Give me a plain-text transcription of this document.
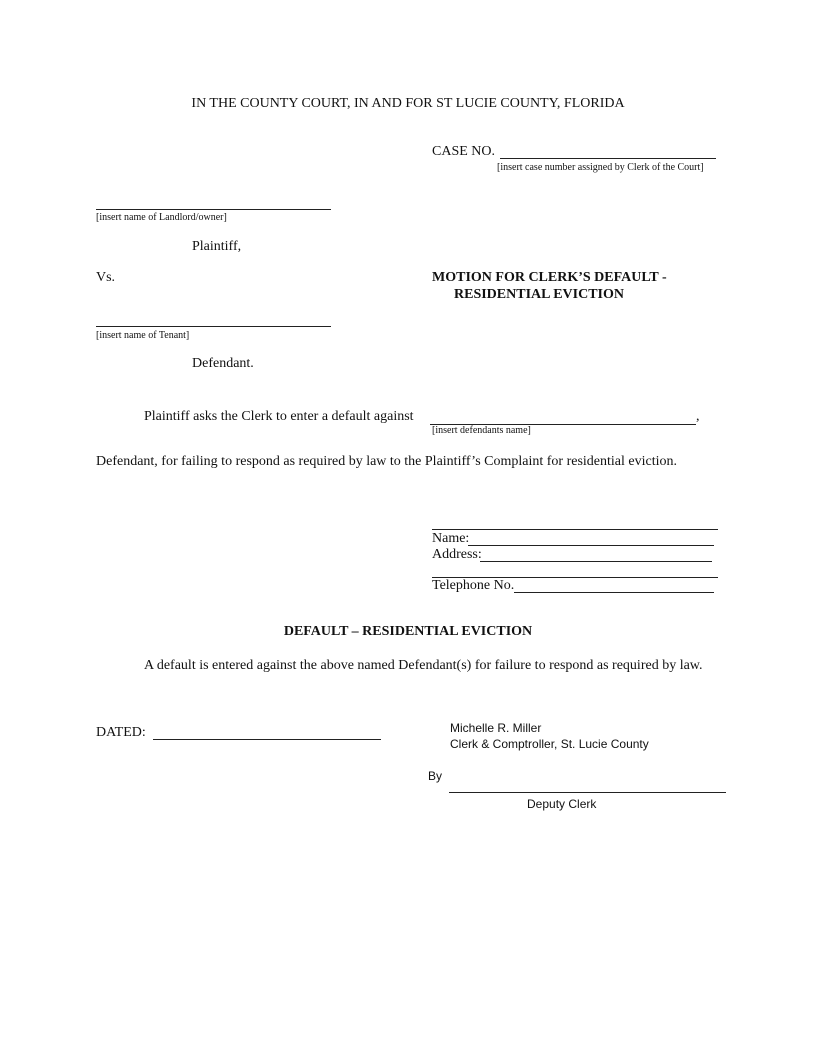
IN THE COUNTY COURT, IN AND FOR ST LUCIE COUNTY, FLORIDA
CASE NO.
[insert case number assigned by Clerk of the Court]
[insert name of Landlord/owner]
Plaintiff,
Vs.	MOTION FOR CLERK’S DEFAULT -
RESIDENTIAL EVICTION
[insert name of Tenant]
Defendant.
Plaintiff asks the Clerk to enter a default against	,
[insert defendants name]
Defendant, for failing to respond as required by law to the Plaintiff’s Complaint for residential eviction.
Name:
Address:
Telephone No.
DEFAULT – RESIDENTIAL EVICTION
A default is entered against the above named Defendant(s) for failure to respond as required by law.
DATED:	Michelle R. Miller
Clerk & Comptroller, St. Lucie County
By
Deputy Clerk
